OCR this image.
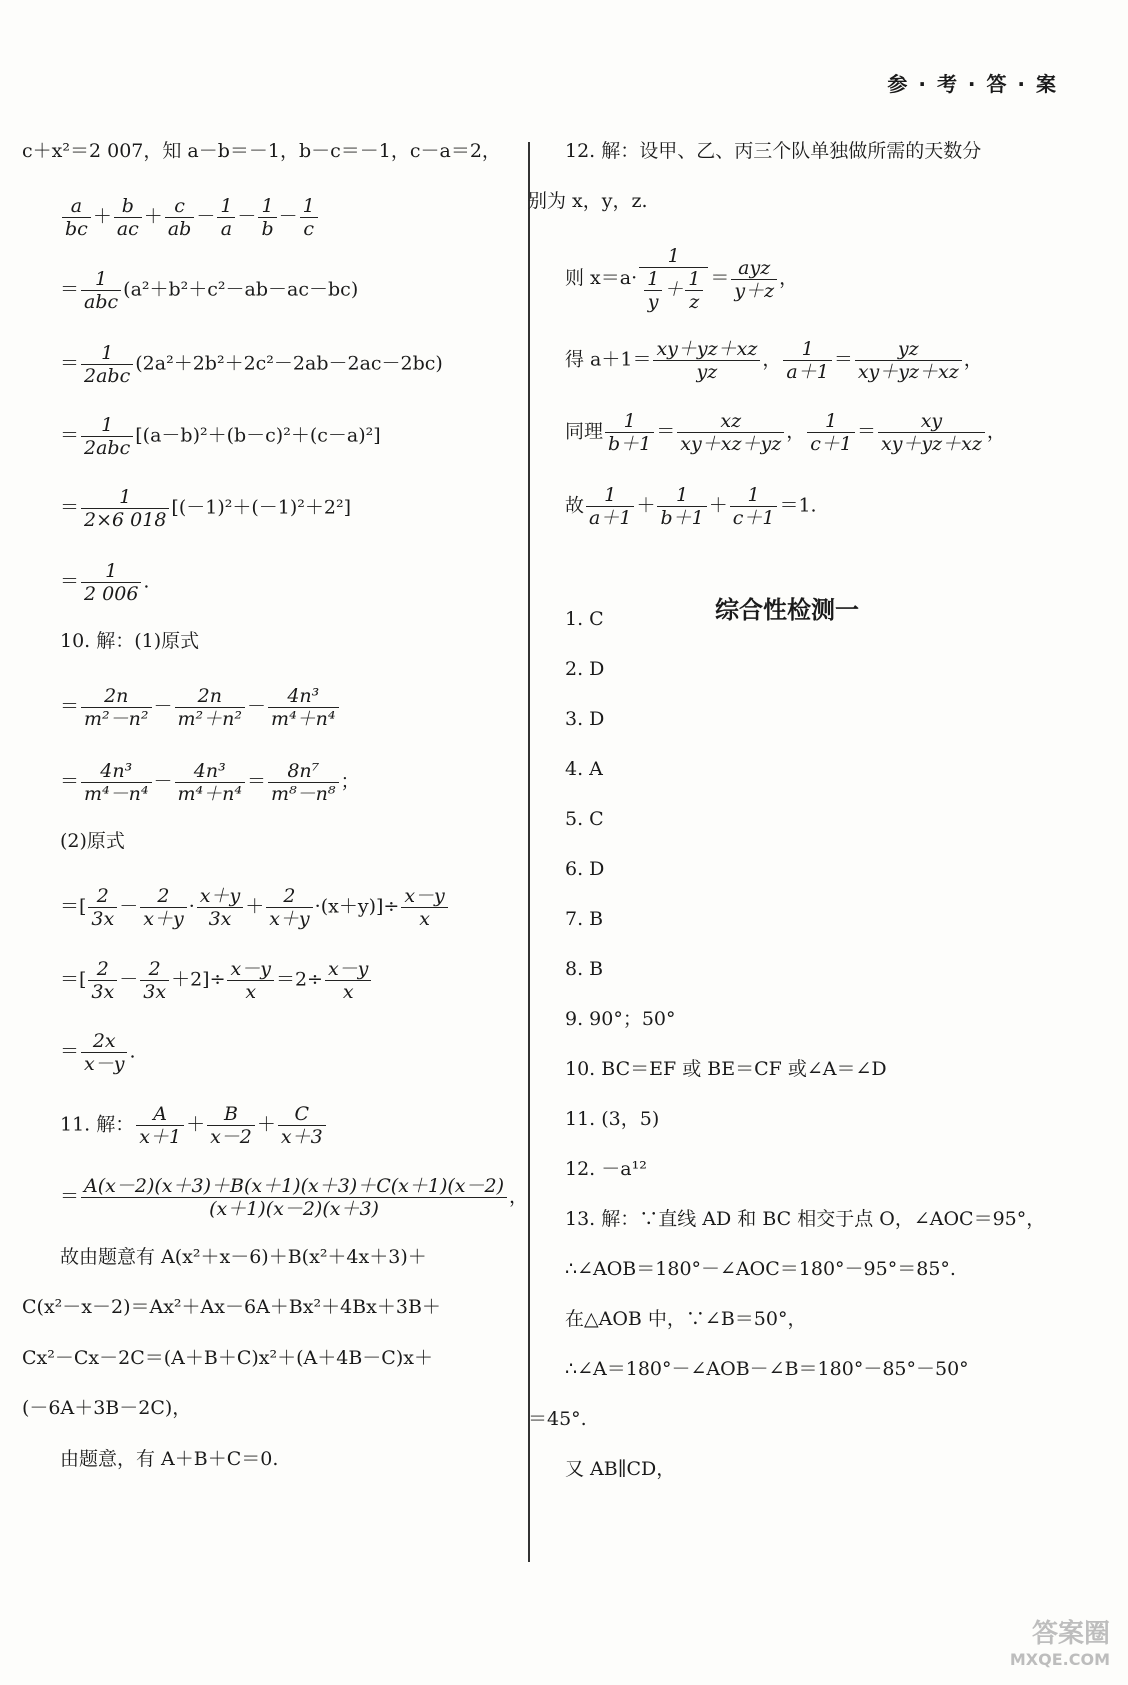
参 · 考 · 答 · 案
c＋x²＝2 007，知 a－b＝－1，b－c＝－1，c－a＝2，
$\frac{a}{bc} + \frac{b}{ac} + \frac{c}{ab} - \frac{1}{a} - \frac{1}{b} - \frac{1}{c}$
＝ $\frac{1}{\text{abc}} (a^2+b^2+c^2-ab-ac-bc)$
＝ $\frac{1}{\text{2abc}} (2a^2+2b^2+2c^2-2ab-2ac-2bc)$
＝ $\frac{1}{\text{2abc}} [(a-b)^2+(b-c)^2+(c-a)^2]$
＝ $\frac{1}{2\times 6 018} [(-1)^2+(-1)^2+2^2]$
＝ $\frac{1}{2 006}$ .
10. 解：(1)原式
＝ $\frac{2n}{\text{m²－n²}} - \frac{2n}{\text{m²＋n²}} - \frac{\text{4n³}}{\text{m⁴＋n⁴}}$
＝ $\frac{\text{4n³}}{\text{m⁴－n⁴}} - \frac{\text{4n³}}{\text{m⁴＋n⁴}} = \frac{\text{8n⁷}}{\text{m⁸－n⁸}}$ ；
(2)原式
＝[ $\frac{2}{3x} - \frac{2}{x+y} \cdot \frac{x+y}{3x} + \frac{2}{x+y} \cdot(x+y)]\div \frac{x-y}{x}$
＝[ $\frac{2}{3x} - \frac{2}{3x} +2]\div \frac{x-y}{x} =2\div \frac{x-y}{x}$
＝ $\frac{2x}{x-y}$ .
11. 解： $\frac{A}{x+1} + \frac{B}{x-2} + \frac{C}{x+3}$
＝ $\frac{A(x-2)(x+3)+B(x+1)(x+3)+C(x+1)(x-2)}{(x+1)(x-2)(x+3)}$ ，
故由题意有 A(x²＋x－6)＋B(x²＋4x＋3)＋
C(x²－x－2)＝Ax²＋Ax－6A＋Bx²＋4Bx＋3B＋
Cx²－Cx－2C＝(A＋B＋C)x²＋(A＋4B－C)x＋
(－6A＋3B－2C)，
由题意，有 A＋B＋C＝0.
12. 解：设甲、乙、丙三个队单独做所需的天数分
别为 x，y，z.
则 $x=a\cdot \frac{1}{\frac{1}{y} + \frac{1}{z}} = \frac{\text{ayz}}{y+z}$ ，
得 $a+1= \frac{xy+yz+xz}{yz}$ ， $\frac{1}{a+1} = \frac{yz}{xy+yz+xz}$ ，
同理 $\frac{1}{b+1} = \frac{xz}{xy+xz+yz}$ ， $\frac{1}{c+1} = \frac{xy}{xy+yz+xz}$ ，
故 $\frac{1}{a+1} + \frac{1}{b+1} + \frac{1}{c+1} =1$.
综合性检测一
1. C
2. D
3. D
4. A
5. C
6. D
7. B
8. B
9. 90°；50°
10. BC＝EF 或 BE＝CF 或∠A＝∠D
11. (3，5)
12. －a¹²
13. 解：∵直线 AD 和 BC 相交于点 O，∠AOC＝95°，
∴∠AOB＝180°－∠AOC＝180°－95°＝85°.
在△AOB 中，∵∠B＝50°，
∴∠A＝180°－∠AOB－∠B＝180°－85°－50°
＝45°.
又 AB∥CD，
答案圈
MXQE.COM
